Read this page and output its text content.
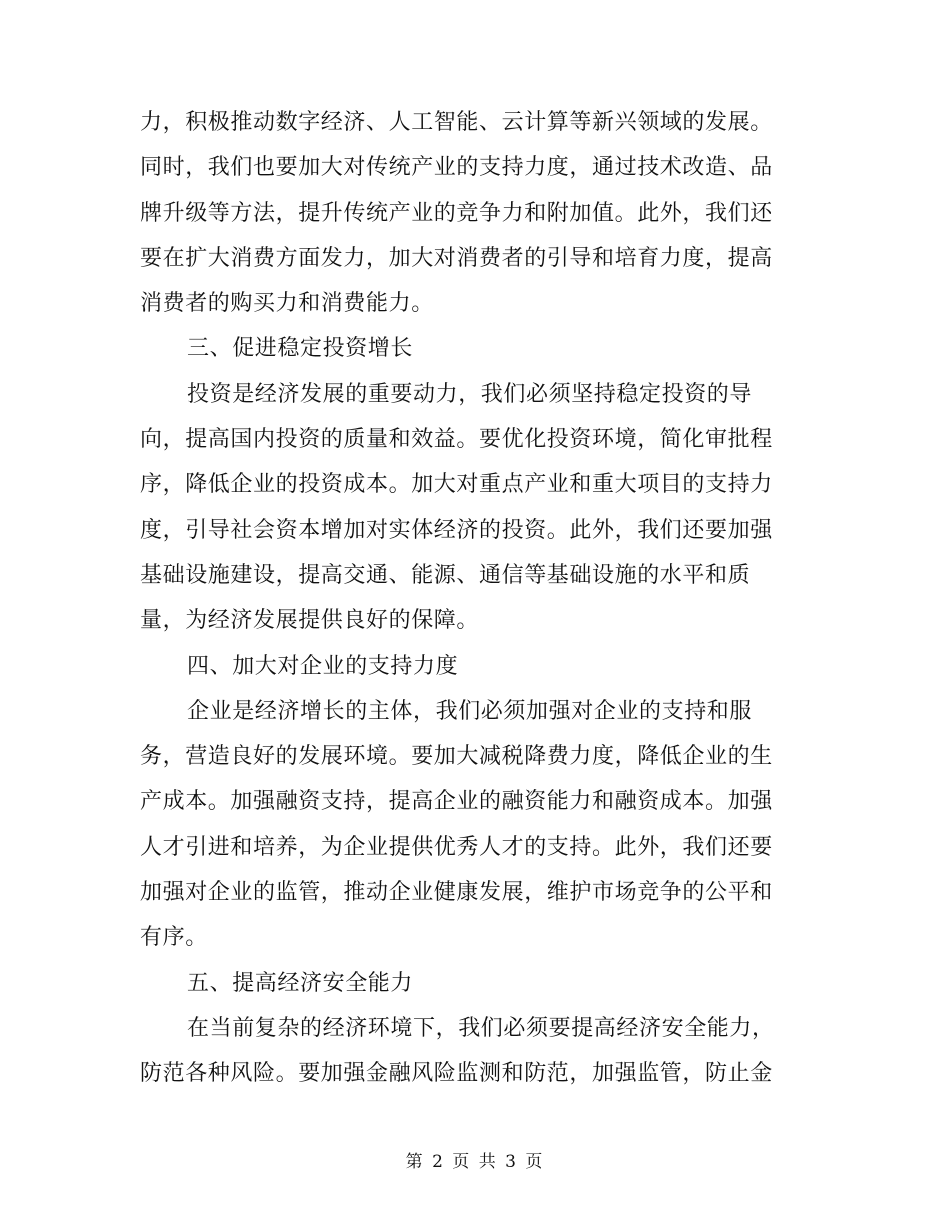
力，积极推动数字经济、人工智能、云计算等新兴领域的发展。
同时，我们也要加大对传统产业的支持力度，通过技术改造、品
牌升级等方法，提升传统产业的竞争力和附加值。此外，我们还
要在扩大消费方面发力，加大对消费者的引导和培育力度，提高
消费者的购买力和消费能力。
三、促进稳定投资增长
投资是经济发展的重要动力，我们必须坚持稳定投资的导
向，提高国内投资的质量和效益。要优化投资环境，简化审批程
序，降低企业的投资成本。加大对重点产业和重大项目的支持力
度，引导社会资本增加对实体经济的投资。此外，我们还要加强
基础设施建设，提高交通、能源、通信等基础设施的水平和质
量，为经济发展提供良好的保障。
四、加大对企业的支持力度
企业是经济增长的主体，我们必须加强对企业的支持和服
务，营造良好的发展环境。要加大减税降费力度，降低企业的生
产成本。加强融资支持，提高企业的融资能力和融资成本。加强
人才引进和培养，为企业提供优秀人才的支持。此外，我们还要
加强对企业的监管，推动企业健康发展，维护市场竞争的公平和
有序。
五、提高经济安全能力
在当前复杂的经济环境下，我们必须要提高经济安全能力，
防范各种风险。要加强金融风险监测和防范，加强监管，防止金
第 2 页 共 3 页
